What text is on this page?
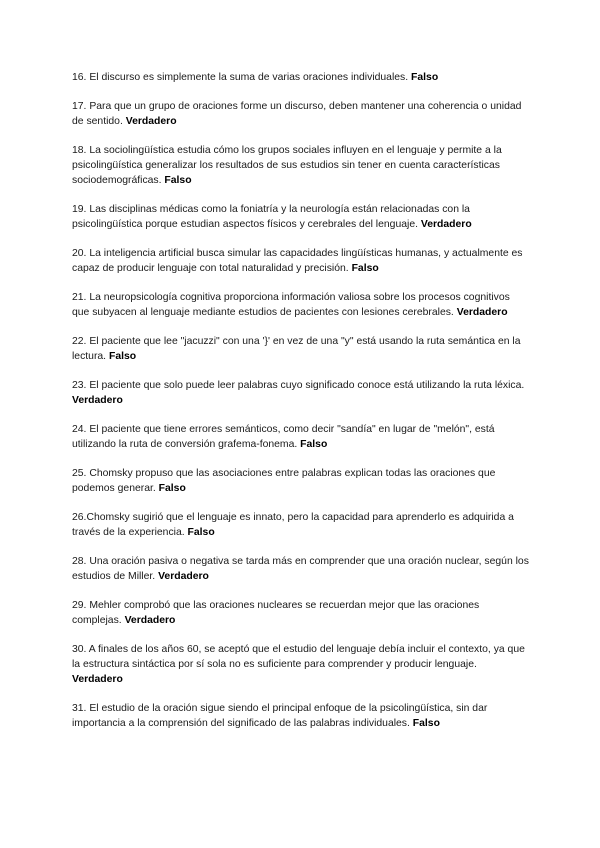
16. El discurso es simplemente la suma de varias oraciones individuales. Falso

17. Para que un grupo de oraciones forme un discurso, deben mantener una coherencia o unidad de sentido. Verdadero

18. La sociolingüística estudia cómo los grupos sociales influyen en el lenguaje y permite a la psicolingüística generalizar los resultados de sus estudios sin tener en cuenta características sociodemográficas. Falso

19. Las disciplinas médicas como la foniatría y la neurología están relacionadas con la psicolingüística porque estudian aspectos físicos y cerebrales del lenguaje. Verdadero

20. La inteligencia artificial busca simular las capacidades lingüísticas humanas, y actualmente es capaz de producir lenguaje con total naturalidad y precisión. Falso

21. La neuropsicología cognitiva proporciona información valiosa sobre los procesos cognitivos que subyacen al lenguaje mediante estudios de pacientes con lesiones cerebrales. Verdadero

22. El paciente que lee "jacuzzi" con una '}' en vez de una "y" está usando la ruta semántica en la lectura. Falso

23. El paciente que solo puede leer palabras cuyo significado conoce está utilizando la ruta léxica. Verdadero

24. El paciente que tiene errores semánticos, como decir "sandía" en lugar de "melón", está utilizando la ruta de conversión grafema-fonema. Falso

25. Chomsky propuso que las asociaciones entre palabras explican todas las oraciones que podemos generar. Falso

26.Chomsky sugirió que el lenguaje es innato, pero la capacidad para aprenderlo es adquirida a través de la experiencia. Falso

28. Una oración pasiva o negativa se tarda más en comprender que una oración nuclear, según los estudios de Miller. Verdadero

29. Mehler comprobó que las oraciones nucleares se recuerdan mejor que las oraciones complejas. Verdadero

30. A finales de los años 60, se aceptó que el estudio del lenguaje debía incluir el contexto, ya que la estructura sintáctica por sí sola no es suficiente para comprender y producir lenguaje. Verdadero

31. El estudio de la oración sigue siendo el principal enfoque de la psicolingüística, sin dar importancia a la comprensión del significado de las palabras individuales. Falso
